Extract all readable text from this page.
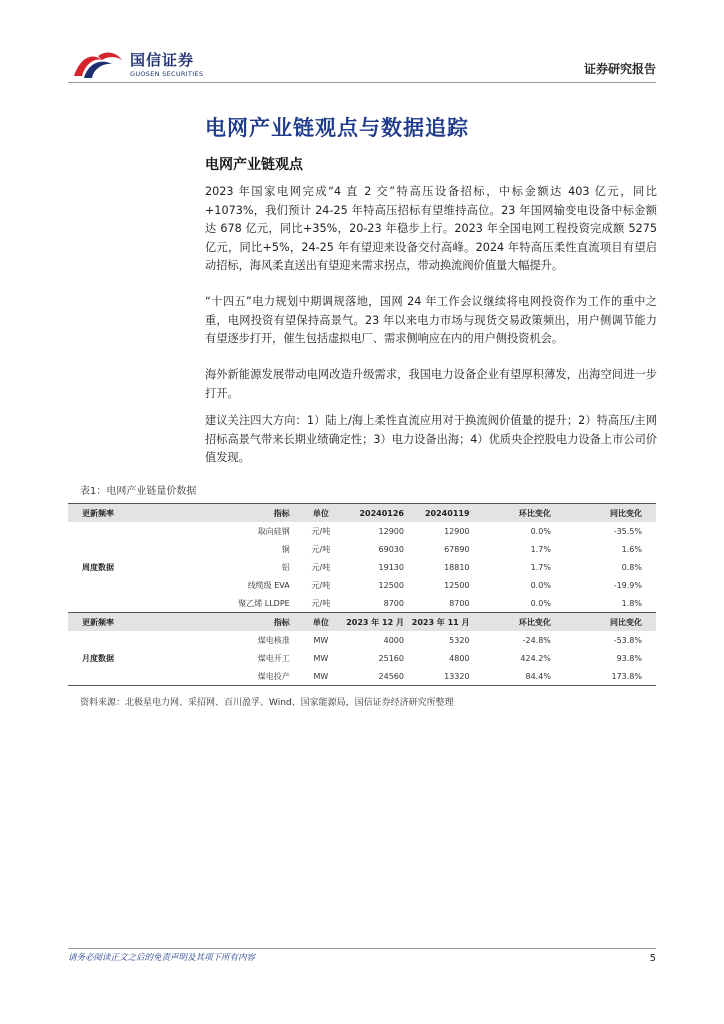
国信证券
GUOSEN SECURITIES	证券研究报告
电网产业链观点与数据追踪
电网产业链观点

2023 年国家电网完成“4 直 2 交”特高压设备招标，中标金额达 403 亿元，同比+1073%，我们预计 24-25 年特高压招标有望维持高位。23 年国网输变电设备中标金额达 678 亿元，同比+35%，20-23 年稳步上行。2023 年全国电网工程投资完成额 5275 亿元，同比+5%，24-25 年有望迎来设备交付高峰。2024 年特高压柔性直流项目有望启动招标，海风柔直送出有望迎来需求拐点，带动换流阀价值量大幅提升。

“十四五”电力规划中期调规落地，国网 24 年工作会议继续将电网投资作为工作的重中之重，电网投资有望保持高景气。23 年以来电力市场与现货交易政策频出，用户侧调节能力有望逐步打开，催生包括虚拟电厂、需求侧响应在内的用户侧投资机会。

海外新能源发展带动电网改造升级需求，我国电力设备企业有望厚积薄发，出海空间进一步打开。

建议关注四大方向：1）陆上/海上柔性直流应用对于换流阀价值量的提升；2）特高压/主网招标高景气带来长期业绩确定性；3）电力设备出海；4）优质央企控股电力设备上市公司价值发现。

表1：电网产业链量价数据
更新频率	指标	单位	20240126	20240119	环比变化	同比变化
周度数据	取向硅钢	元/吨	12900	12900	0.0%	-35.5%
	铜	元/吨	69030	67890	1.7%	1.6%
	铝	元/吨	19130	18810	1.7%	0.8%
	线缆级 EVA	元/吨	12500	12500	0.0%	-19.9%
	聚乙烯 LLDPE	元/吨	8700	8700	0.0%	1.8%
更新频率	指标	单位	2023 年 12 月	2023 年 11 月	环比变化	同比变化
月度数据	煤电核准	MW	4000	5320	-24.8%	-53.8%
	煤电开工	MW	25160	4800	424.2%	93.8%
	煤电投产	MW	24560	13320	84.4%	173.8%
资料来源：北极星电力网、采招网、百川盈孚、Wind、国家能源局，国信证券经济研究所整理
请务必阅读正文之后的免责声明及其项下所有内容	5
